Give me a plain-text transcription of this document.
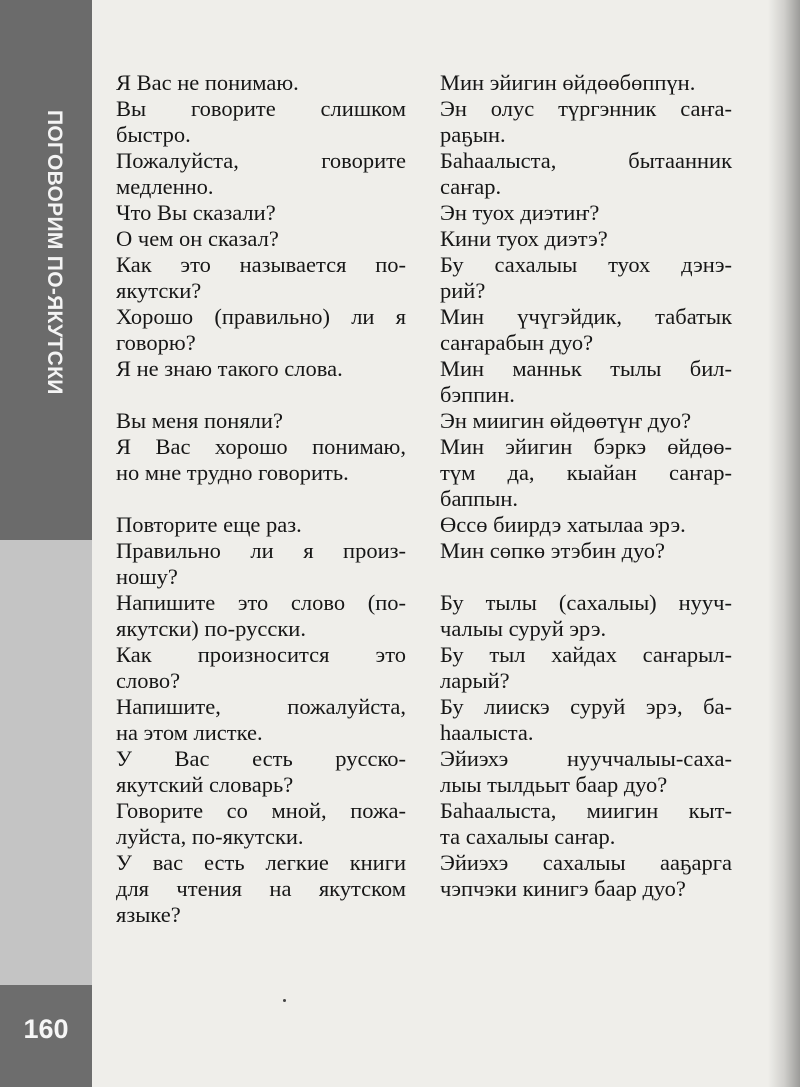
ПОГОВОРИМ ПО-ЯКУТСКИ
160
Я Вас не понимаю.
Вы говорите слишком
быстро.
Пожалуйста, говорите
медленно.
Что Вы сказали?
О чем он сказал?
Как это называется по-
якутски?
Хорошо (правильно) ли я
говорю?
Я не знаю такого слова.
Вы меня поняли?
Я Вас хорошо понимаю,
но мне трудно говорить.
Повторите еще раз.
Правильно ли я произ-
ношу?
Напишите это слово (по-
якутски) по-русски.
Как произносится это
слово?
Напишите, пожалуйста,
на этом листке.
У Вас есть русско-
якутский словарь?
Говорите со мной, пожа-
луйста, по-якутски.
У вас есть легкие книги
для чтения на якутском
языке?
Мин эйигин өйдөөбөппүн.
Эн олус түргэнник саҥа-
раҕын.
Баһаалыста, бытаанник
саҥар.
Эн туох диэтиҥ?
Кини туох диэтэ?
Бу сахалыы туох дэнэ-
рий?
Мин үчүгэйдик, табатык
саҥарабын дуо?
Мин манньк тылы бил-
бэппин.
Эн миигин өйдөөтүҥ дуо?
Мин эйигин бэркэ өйдөө-
түм да, кыайан саҥар-
баппын.
Өссө биирдэ хатылаа эрэ.
Мин сөпкө этэбин дуо?
Бу тылы (сахалыы) нууч-
чалыы суруй эрэ.
Бу тыл хайдах саҥарыл-
ларый?
Бу лиискэ суруй эрэ, ба-
һаалыста.
Эйиэхэ нууччалыы-саха-
лыы тылдьыт баар дуо?
Баһаалыста, миигин кыт-
та сахалыы саҥар.
Эйиэхэ сахалыы ааҕарга
чэпчэки кинигэ баар дуо?
